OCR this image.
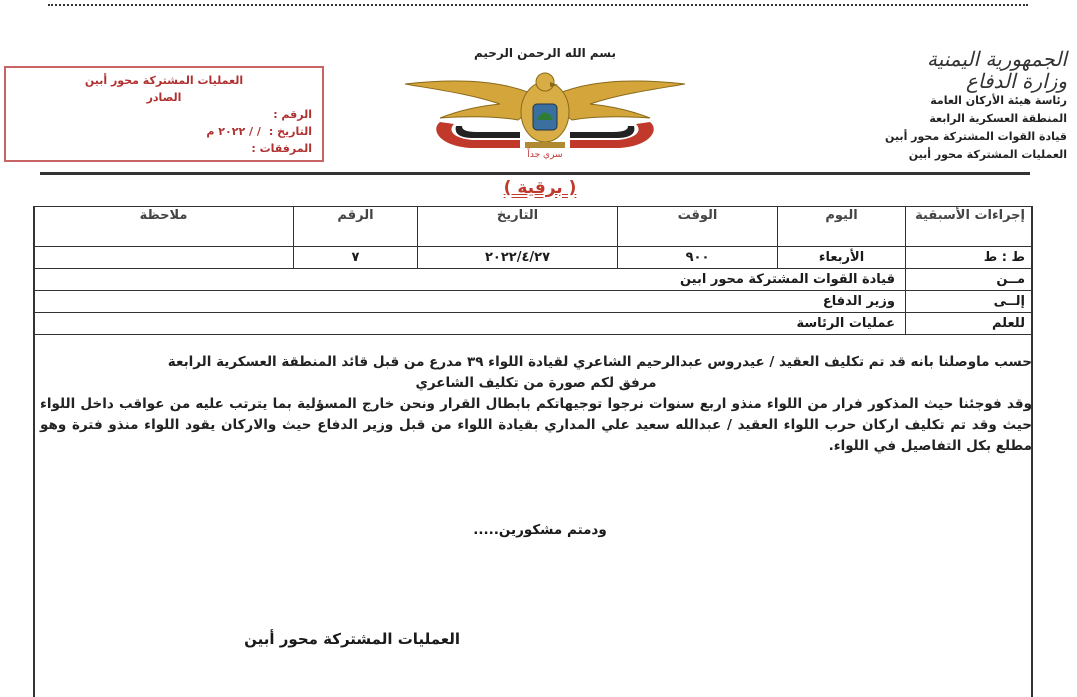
العمليات المشتركة محور أبين
الصادر
الرقم :
التاريخ :
/ / ٢٠٢٢ م
المرفقات :
بسم الله الرحمن الرحيم
سري جداً
الجمهورية اليمنية
وزارة الدفاع
رئاسة هيئة الأركان العامة
المنطقة العسكرية الرابعة
قيادة القوات المشتركة محور أبين
العمليات المشتركة محور أبين
( برقية )
إجراءات الأسبقية	اليوم	الوقت	التاريخ	الرقم	ملاحظة
ط : ط	الأربعاء	٩٠٠	٢٠٢٢/٤/٢٧	٧	
مــن	قيادة القوات المشتركة محور ابين				
إلــى	وزير الدفاع				
للعلم	عمليات الرئاسة				

حسب ماوصلنا بانه قد تم تكليف العقيد / عيدروس عبدالرحيم الشاعري لقيادة اللواء ٣٩ مدرع من قبل قائد المنطقة العسكرية الرابعة

مرفق لكم صورة من تكليف الشاعري

وقد فوجئنا حيث المذكور فرار من اللواء منذو اربع سنوات نرجوا توجيهاتكم بابطال القرار ونحن خارج المسؤلية بما يترتب عليه من عواقب داخل اللواء حيث وقد تم تكليف اركان حرب اللواء العقيد / عبدالله سعيد علي المداري بقيادة اللواء من قبل وزير الدفاع حيث والاركان يقود اللواء منذو فترة وهو مطلع بكل التفاصيل في اللواء.

ودمتم مشكورين.....
العمليات المشتركة محور أبين
